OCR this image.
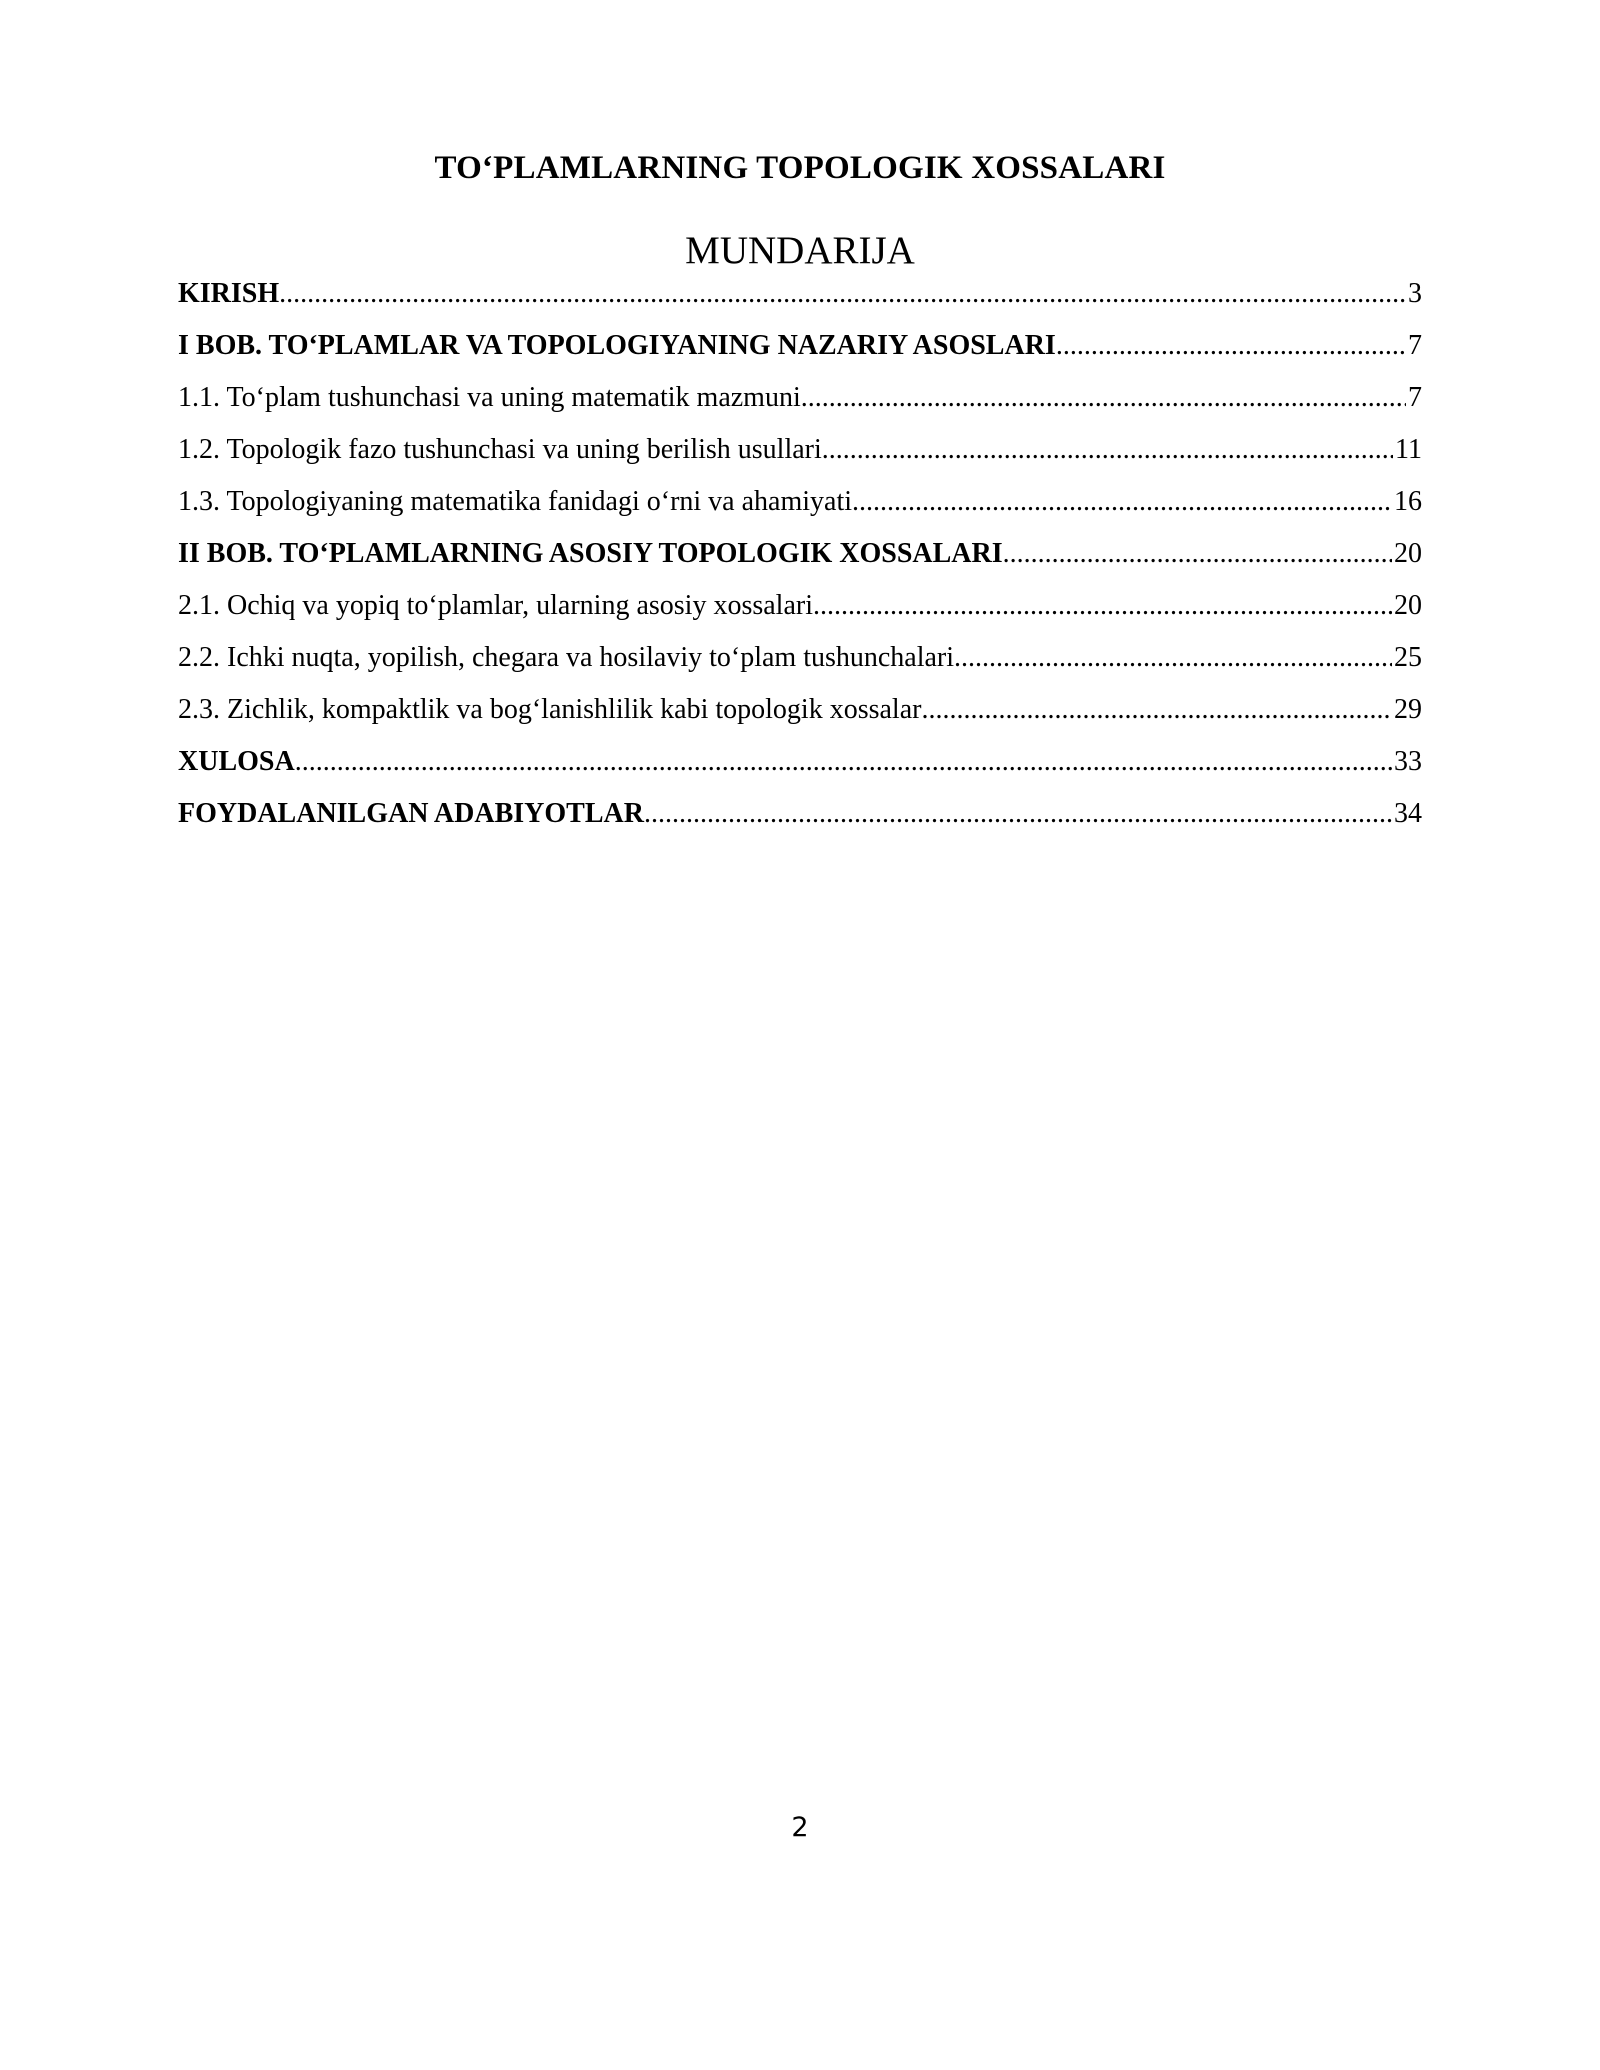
TO‘PLAMLARNING TOPOLOGIK XOSSALARI
MUNDARIJA
KIRISH .....	3
I BOB. TO‘PLAMLAR VA TOPOLOGIYANING NAZARIY ASOSLARI .....	7
1.1. To‘plam tushunchasi va uning matematik mazmuni .....	7
1.2. Topologik fazo tushunchasi va uning berilish usullari .....	11
1.3. Topologiyaning matematika fanidagi o‘rni va ahamiyati .....	16
II BOB. TO‘PLAMLARNING ASOSIY TOPOLOGIK XOSSALARI .....	20
2.1. Ochiq va yopiq to‘plamlar, ularning asosiy xossalari .....	20
2.2. Ichki nuqta, yopilish, chegara va hosilaviy to‘plam tushunchalari .....	25
2.3. Zichlik, kompaktlik va bog‘lanishlilik kabi topologik xossalar .....	29
XULOSA .....	33
FOYDALANILGAN ADABIYOTLAR .....	34
2
